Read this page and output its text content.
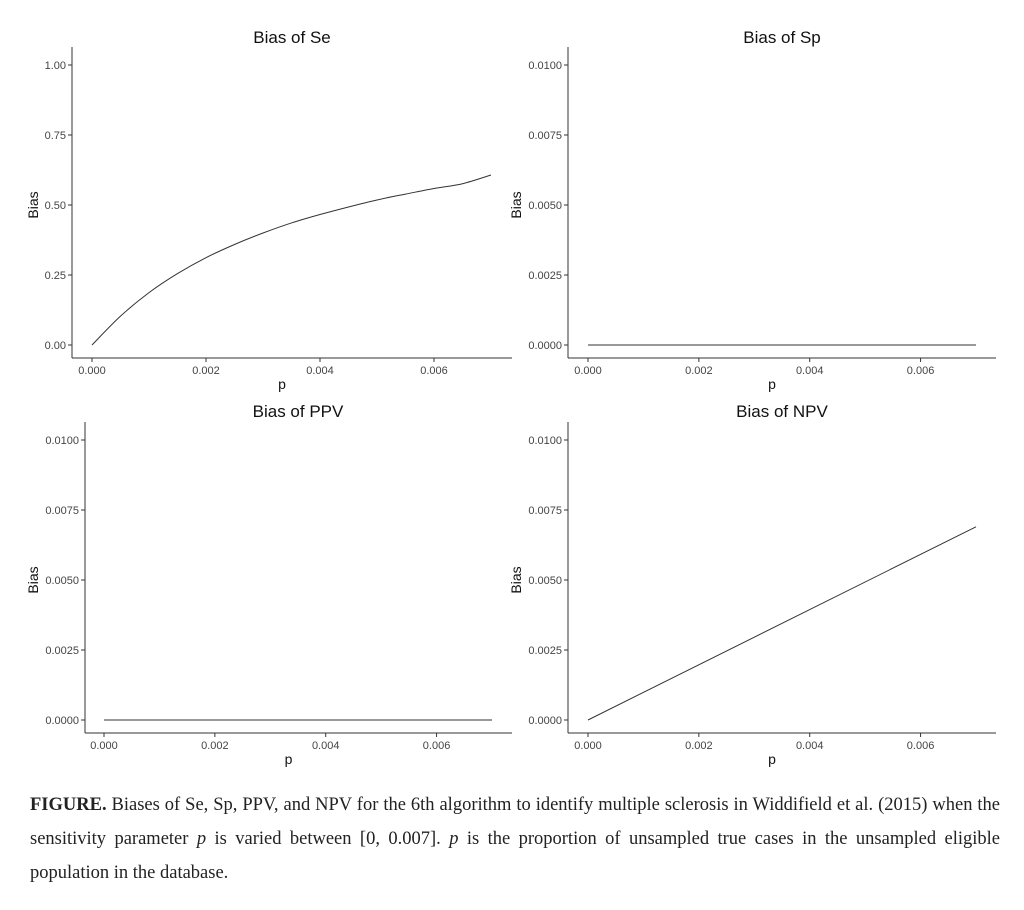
Bias of Se
0.00
0.25
0.50
0.75
1.00
0.000	0.002	0.004	0.006
p
Bias
Bias of Sp
0.0000
0.0025
0.0050
0.0075
0.0100
0.000	0.002	0.004	0.006
p
Bias
Bias of PPV
0.0000
0.0025
0.0050
0.0075
0.0100
0.000	0.002	0.004	0.006
p
Bias
Bias of NPV
0.0000
0.0025
0.0050
0.0075
0.0100
0.000	0.002	0.004	0.006
p
Bias

FIGURE. Biases of Se, Sp, PPV, and NPV for the 6th algorithm to identify multiple sclerosis in Widdifield et al. (2015) when the sensitivity parameter p is varied between [0, 0.007]. p is the proportion of unsampled true cases in the unsampled eligible population in the database.
